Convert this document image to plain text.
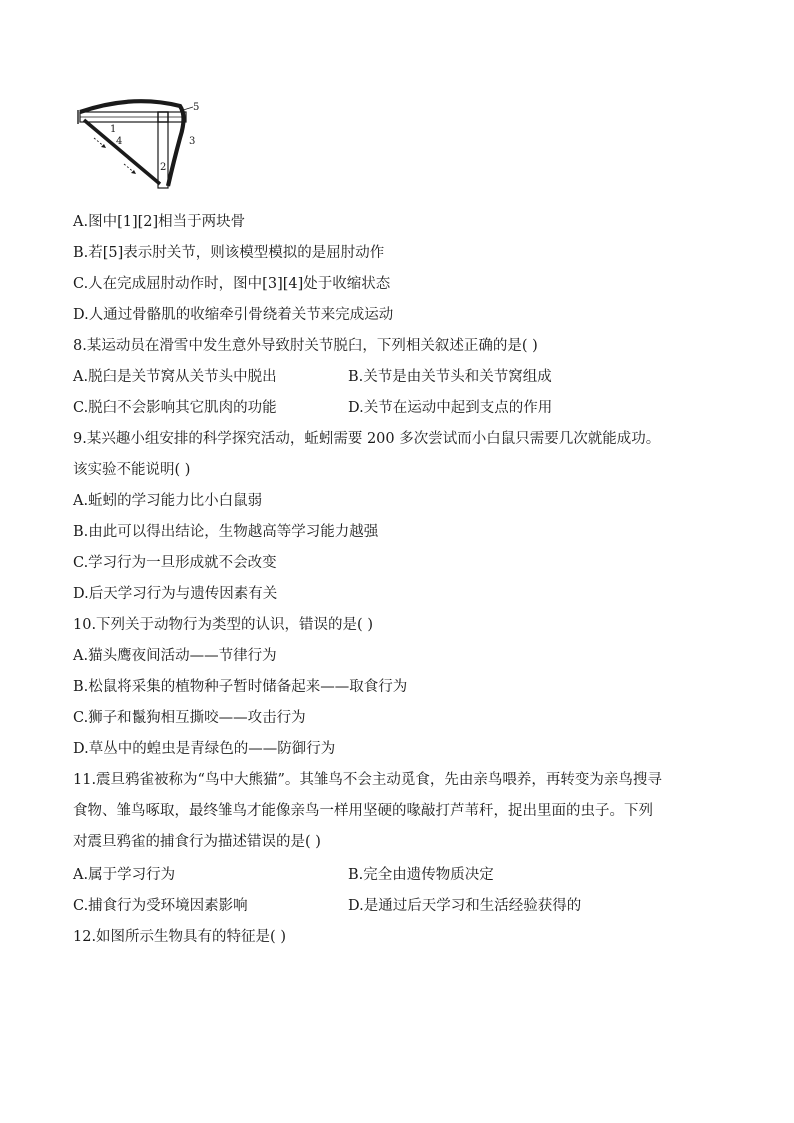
1
2
3
4
5
A.图中[1][2]相当于两块骨
B.若[5]表示肘关节，则该模型模拟的是屈肘动作
C.人在完成屈肘动作时，图中[3][4]处于收缩状态
D.人通过骨骼肌的收缩牵引骨绕着关节来完成运动
8.某运动员在滑雪中发生意外导致肘关节脱臼，下列相关叙述正确的是( )
A.脱臼是关节窝从关节头中脱出	B.关节是由关节头和关节窝组成
C.脱臼不会影响其它肌肉的功能	D.关节在运动中起到支点的作用
9.某兴趣小组安排的科学探究活动，蚯蚓需要 200 多次尝试而小白鼠只需要几次就能成功。
该实验不能说明( )
A.蚯蚓的学习能力比小白鼠弱
B.由此可以得出结论，生物越高等学习能力越强
C.学习行为一旦形成就不会改变
D.后天学习行为与遗传因素有关
10.下列关于动物行为类型的认识，错误的是( )
A.猫头鹰夜间活动——节律行为
B.松鼠将采集的植物种子暂时储备起来——取食行为
C.狮子和鬣狗相互撕咬——攻击行为
D.草丛中的蝗虫是青绿色的——防御行为
11.震旦鸦雀被称为“鸟中大熊猫”。其雏鸟不会主动觅食，先由亲鸟喂养，再转变为亲鸟搜寻
食物、雏鸟啄取，最终雏鸟才能像亲鸟一样用坚硬的喙敲打芦苇秆，捉出里面的虫子。下列
对震旦鸦雀的捕食行为描述错误的是( )
A.属于学习行为	B.完全由遗传物质决定
C.捕食行为受环境因素影响	D.是通过后天学习和生活经验获得的
12.如图所示生物具有的特征是( )
